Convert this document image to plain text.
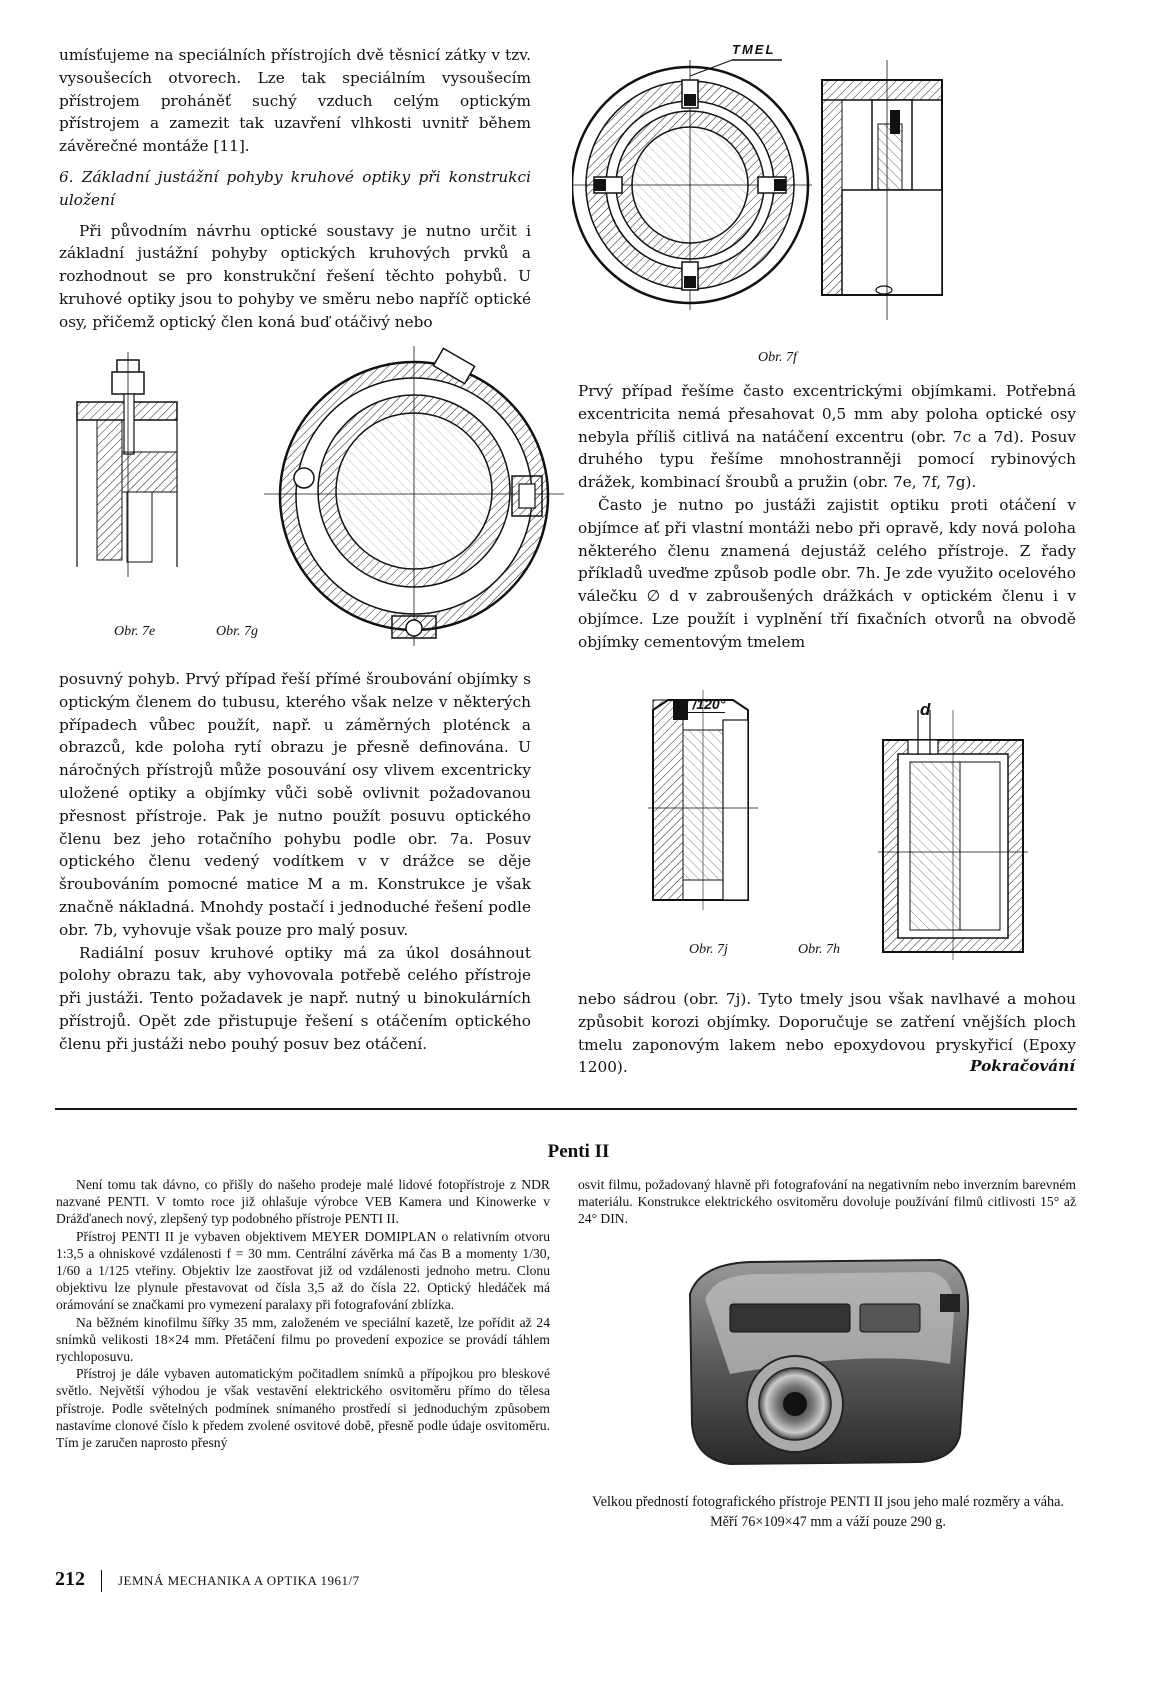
umísťujeme na speciálních přístrojích dvě těsnicí zátky v tzv. vysoušecích otvorech. Lze tak speciálním vysoušecím přístrojem proháněť suchý vzduch celým optickým přístrojem a zamezit tak uzavření vlhkosti uvnitř během závěrečné montáže [11].

6. Základní justážní pohyby kruhové optiky při konstrukci uložení

Při původním návrhu optické soustavy je nutno určit i základní justážní pohyby optických kruhových prvků a rozhodnout se pro konstrukční řešení těchto pohybů. U kruhové optiky jsou to pohyby ve směru nebo napříč optické osy, přičemž optický člen koná buď otáčivý nebo

TMEL
Obr. 7f

Prvý případ řešíme často excentrickými objímkami. Potřebná excentricita nemá přesahovat 0,5 mm aby poloha optické osy nebyla příliš citlivá na natáčení excentru (obr. 7c a 7d). Posuv druhého typu řešíme mnohostranněji pomocí rybinových drážek, kombinací šroubů a pružin (obr. 7e, 7f, 7g).

Často je nutno po justáži zajistit optiku proti otáčení v objímce ať při vlastní montáži nebo při opravě, kdy nová poloha některého členu znamená dejustáž celého přístroje. Z řady příkladů uveďme způsob podle obr. 7h. Je zde využito ocelového válečku ∅ d v zabroušených drážkách v optickém členu i v objímce. Lze použít i vyplnění tří fixačních otvorů na obvodě objímky cementovým tmelem

Obr. 7e	Obr. 7g

posuvný pohyb. Prvý případ řeší přímé šroubování objímky s optickým členem do tubusu, kterého však nelze v některých případech vůbec použít, např. u záměrných ploténck a obrazců, kde poloha rytí obrazu je přesně definována. U náročných přístrojů může posouvání osy vlivem excentricky uložené optiky a objímky vůči sobě ovlivnit požadovanou přesnost přístroje. Pak je nutno použít posuvu optického členu bez jeho rotačního pohybu podle obr. 7a. Posuv optického členu vedený vodítkem v v drážce se děje šroubováním pomocné matice M a m. Konstrukce je však značně nákladná. Mnohdy postačí i jednoduché řešení podle obr. 7b, vyhovuje však pouze pro malý posuv.

Radiální posuv kruhové optiky má za úkol dosáhnout polohy obrazu tak, aby vyhovovala potřebě celého přístroje při justáži. Tento požadavek je např. nutný u binokulárních přístrojů. Opět zde přistupuje řešení s otáčením optického členu při justáži nebo pouhý posuv bez otáčení.

3x /120°
Obr. 7j
d
Obr. 7h

nebo sádrou (obr. 7j). Tyto tmely jsou však navlhavé a mohou způsobit korozi objímky. Doporučuje se zatření vnějších ploch tmelu zaponovým lakem nebo epoxydovou pryskyřicí (Epoxy 1200).	Pokračování
Penti II

Není tomu tak dávno, co přišly do našeho prodeje malé lidové fotopřístroje z NDR nazvané PENTI. V tomto roce již ohlašuje výrobce VEB Kamera und Kinowerke v Drážďanech nový, zlepšený typ podobného přístroje PENTI II.

Přístroj PENTI II je vybaven objektivem MEYER DOMIPLAN o relativním otvoru 1:3,5 a ohniskové vzdálenosti f = 30 mm. Centrální závěrka má čas B a momenty 1/30, 1/60 a 1/125 vteřiny. Objektiv lze zaostřovat již od vzdálenosti jednoho metru. Clonu objektivu lze plynule přestavovat od čísla 3,5 až do čísla 22. Optický hledáček má orámování se značkami pro vymezení paralaxy při fotografování zblízka.

Na běžném kinofilmu šířky 35 mm, založeném ve speciální kazetě, lze pořídit až 24 snímků velikosti 18×24 mm. Přetáčení filmu po provedení expozice se provádí táhlem rychloposuvu.

Přístroj je dále vybaven automatickým počitadlem snímků a přípojkou pro bleskové světlo. Největší výhodou je však vestavění elektrického osvitoměru přímo do tělesa přístroje. Podle světelných podmínek snímaného prostředí si jednoduchým způsobem nastavíme clonové číslo k předem zvolené osvitové době, přesně podle údaje osvitoměru. Tím je zaručen naprosto přesný

osvit filmu, požadovaný hlavně při fotografování na negativním nebo inverzním barevném materiálu. Konstrukce elektrického osvitoměru dovoluje používání filmů citlivosti 15° až 24° DIN.

Velkou předností fotografického přístroje PENTI II jsou jeho malé rozměry a váha. Měří 76×109×47 mm a váží pouze 290 g.
212	JEMNÁ MECHANIKA A OPTIKA 1961/7
